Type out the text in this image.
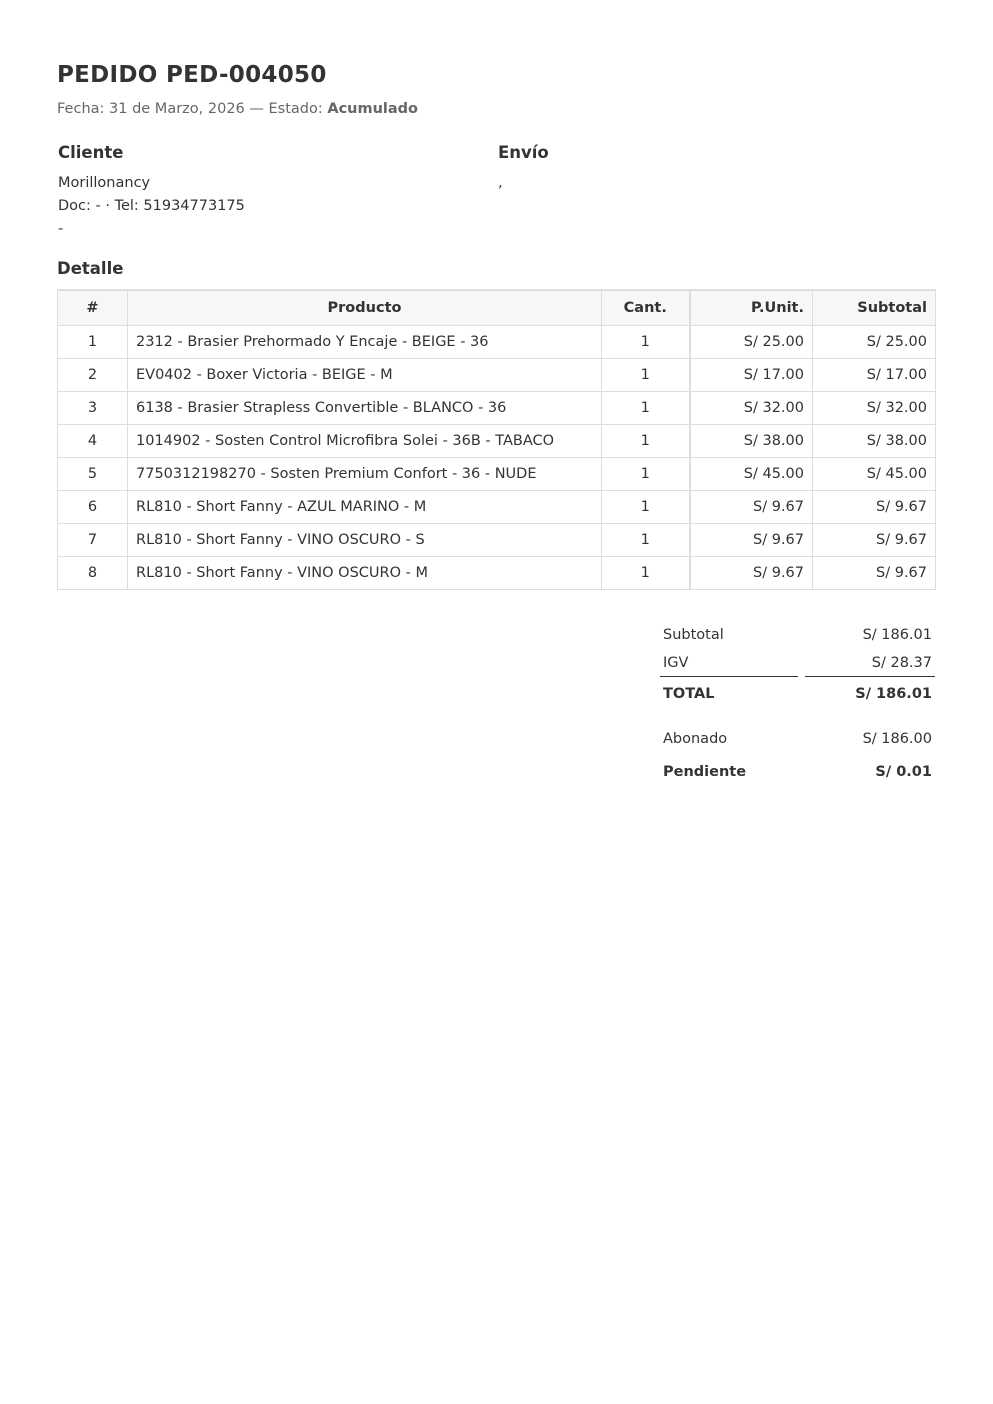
PEDIDO PED-004050
Fecha: 31 de Marzo, 2026 — Estado: Acumulado
Cliente
Morillonancy
Doc: - · Tel: 51934773175
-
Envío
,
Detalle
#	Producto	Cant.	P.Unit.	Subtotal
1	2312 - Brasier Prehormado Y Encaje - BEIGE - 36	1	S/ 25.00	S/ 25.00
2	EV0402 - Boxer Victoria - BEIGE - M	1	S/ 17.00	S/ 17.00
3	6138 - Brasier Strapless Convertible - BLANCO - 36	1	S/ 32.00	S/ 32.00
4	1014902 - Sosten Control Microfibra Solei - 36B - TABACO	1	S/ 38.00	S/ 38.00
5	7750312198270 - Sosten Premium Confort - 36 - NUDE	1	S/ 45.00	S/ 45.00
6	RL810 - Short Fanny - AZUL MARINO - M	1	S/ 9.67	S/ 9.67
7	RL810 - Short Fanny - VINO OSCURO - S	1	S/ 9.67	S/ 9.67
8	RL810 - Short Fanny - VINO OSCURO - M	1	S/ 9.67	S/ 9.67
Subtotal	S/ 186.01
IGV	S/ 28.37
TOTAL	S/ 186.01
Abonado	S/ 186.00
Pendiente	S/ 0.01
